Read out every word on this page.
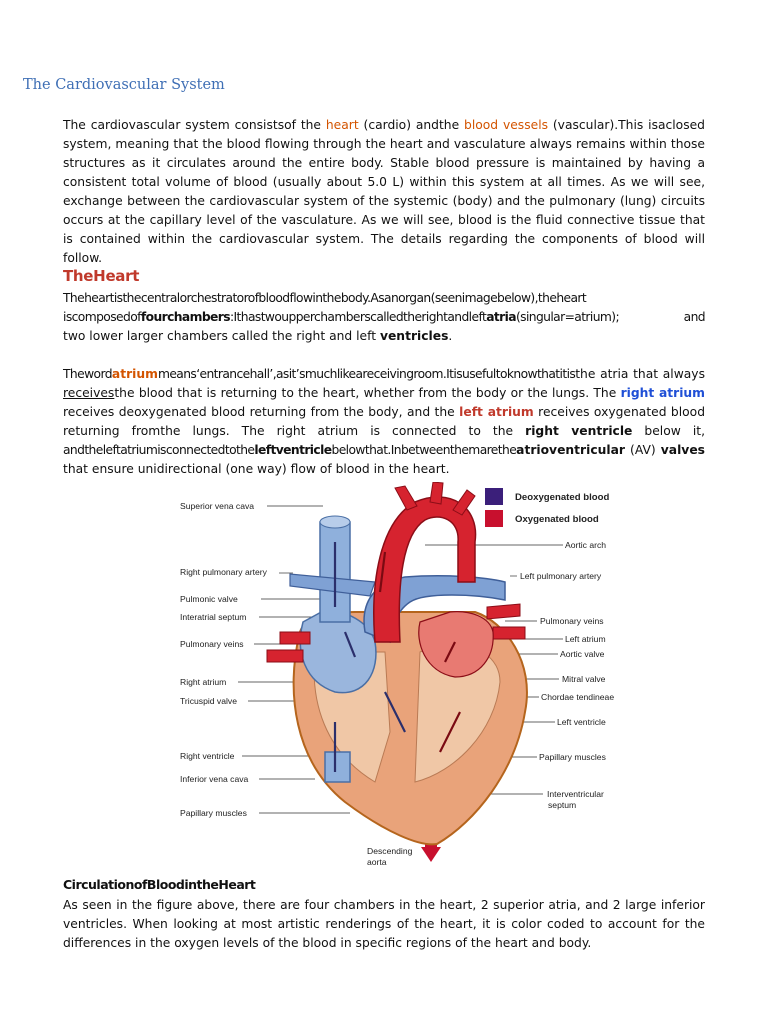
The Cardiovascular System
The cardiovascular system consistsof the heart (cardio) andthe blood vessels (vascular).This isaclosed system, meaning that the blood flowing through the heart and vasculature always remains within those structures as it circulates around the entire body. Stable blood pressure is maintained by having a consistent total volume of blood (usually about 5.0 L) within this system at all times. As we will see, exchange between the cardiovascular system of the systemic (body) and the pulmonary (lung) circuits occurs at the capillary level of the vasculature. As we will see, blood is the fluid connective tissue that is contained within the cardiovascular system. The details regarding the components of blood will follow.
TheHeart
Theheartisthecentralorchestratorofbloodflowinthebody.Asanorgan(seenimagebelow),theheart
iscomposedoffourchambers:Ithastwoupperchamberscalledtherightandleftatria(singular=atrium);	and
two lower larger chambers called the right and left ventricles.
Thewordatriummeans‘entrancehall’,asit’smuchlikeareceivingroom.Itisusefultoknowthatitisthe atria that always receivesthe blood that is returning to the heart, whether from the body or the lungs. The right atrium receives deoxygenated blood returning from the body, and the left atrium receives oxygenated blood returning fromthe lungs. The right atrium is connected to the right ventricle below it, andtheleftatriumisconnectedtotheleftventriclebelowthat.Inbetweenthemaretheatrioventricular (AV) valves that ensure unidirectional (one way) flow of blood in the heart.
Deoxygenated blood
Oxygenated blood
Superior vena cava
Right pulmonary artery
Pulmonic valve
Interatrial septum
Pulmonary veins
Right atrium
Tricuspid valve
Right ventricle
Inferior vena cava
Papillary muscles
Aortic arch
Left pulmonary artery
Pulmonary veins
Left atrium
Aortic valve
Mitral valve
Chordae tendineae
Left ventricle
Papillary muscles
Interventricular
septum
Descending
aorta
CirculationofBloodintheHeart
As seen in the figure above, there are four chambers in the heart, 2 superior atria, and 2 large inferior ventricles. When looking at most artistic renderings of the heart, it is color coded to account for the differences in the oxygen levels of the blood in specific regions of the heart and body.
